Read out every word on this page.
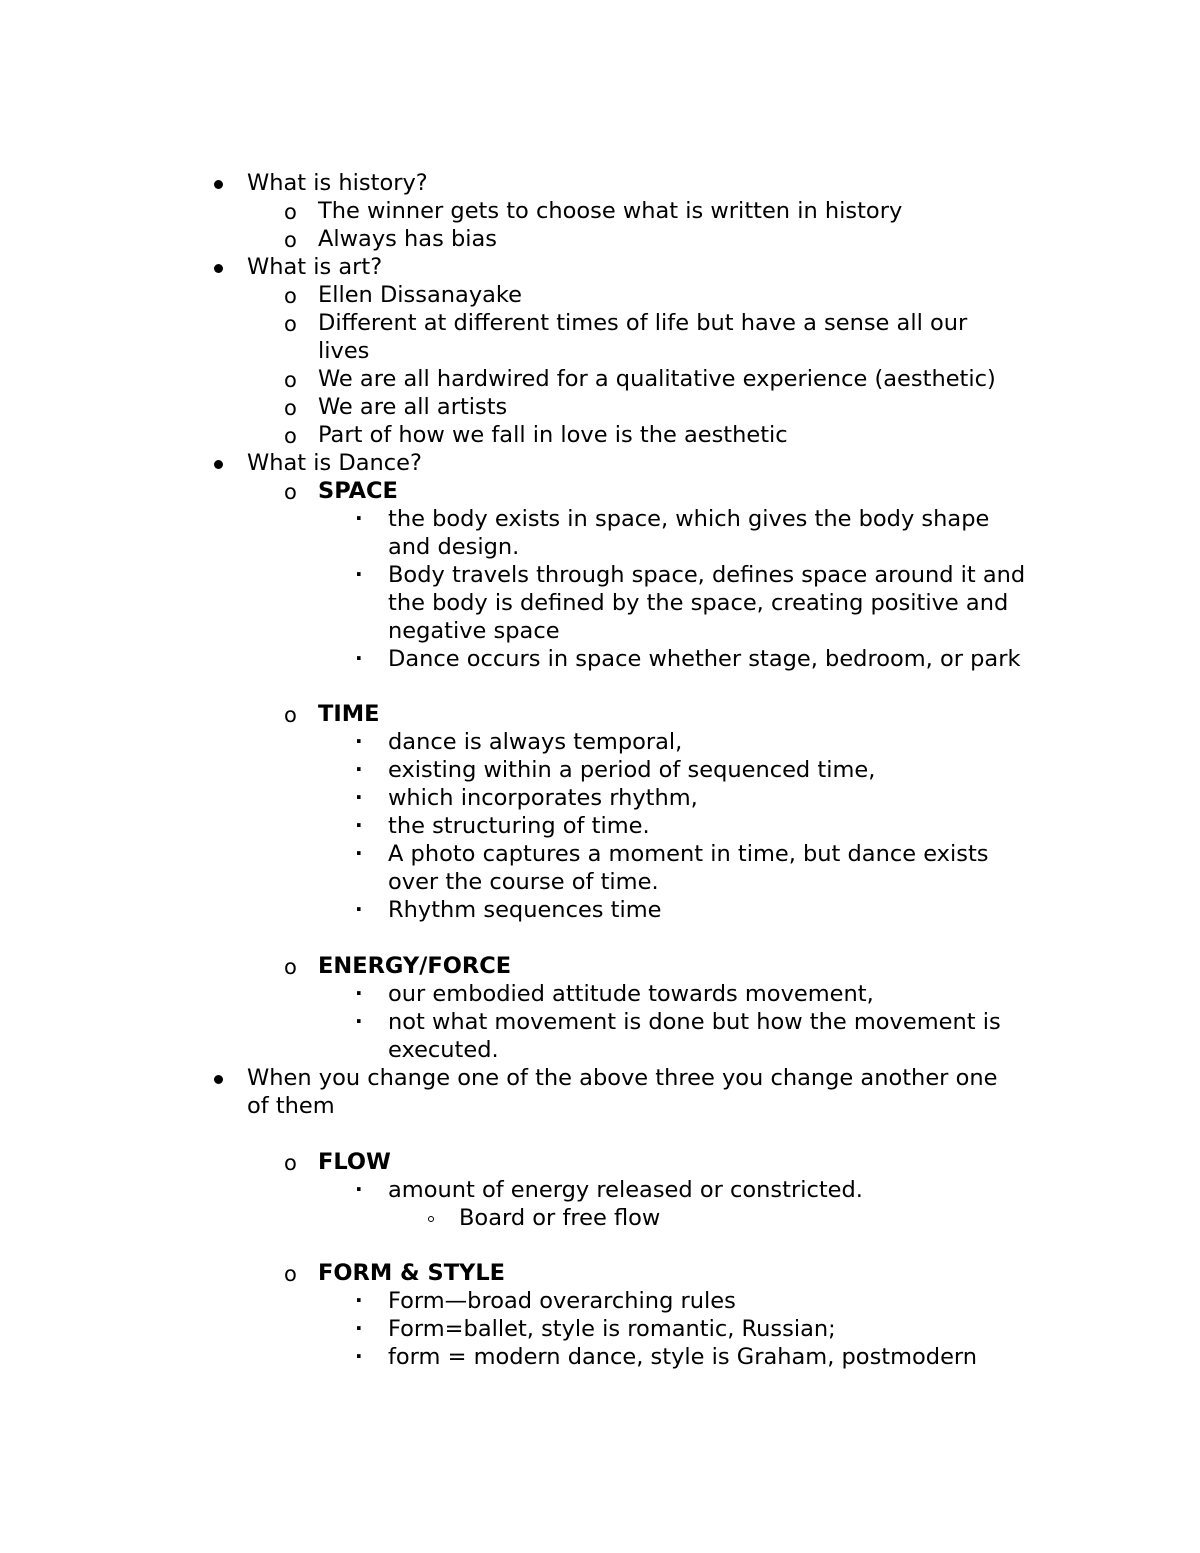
What is history?
o The winner gets to choose what is written in history
o Always has bias
What is art?
o Ellen Dissanayake
o Different at different times of life but have a sense all our
lives
o We are all hardwired for a qualitative experience (aesthetic)
o We are all artists
o Part of how we fall in love is the aesthetic
What is Dance?
o SPACE
· the body exists in space, which gives the body shape
and design.
· Body travels through space, defines space around it and
the body is defined by the space, creating positive and
negative space
· Dance occurs in space whether stage, bedroom, or park
o TIME
· dance is always temporal,
· existing within a period of sequenced time,
· which incorporates rhythm,
· the structuring of time.
· A photo captures a moment in time, but dance exists
over the course of time.
· Rhythm sequences time
o ENERGY/FORCE
· our embodied attitude towards movement,
· not what movement is done but how the movement is
executed.
When you change one of the above three you change another one
of them
o FLOW
· amount of energy released or constricted.
Board or free flow
o FORM & STYLE
· Form—broad overarching rules
· Form=ballet, style is romantic, Russian;
· form = modern dance, style is Graham, postmodern
